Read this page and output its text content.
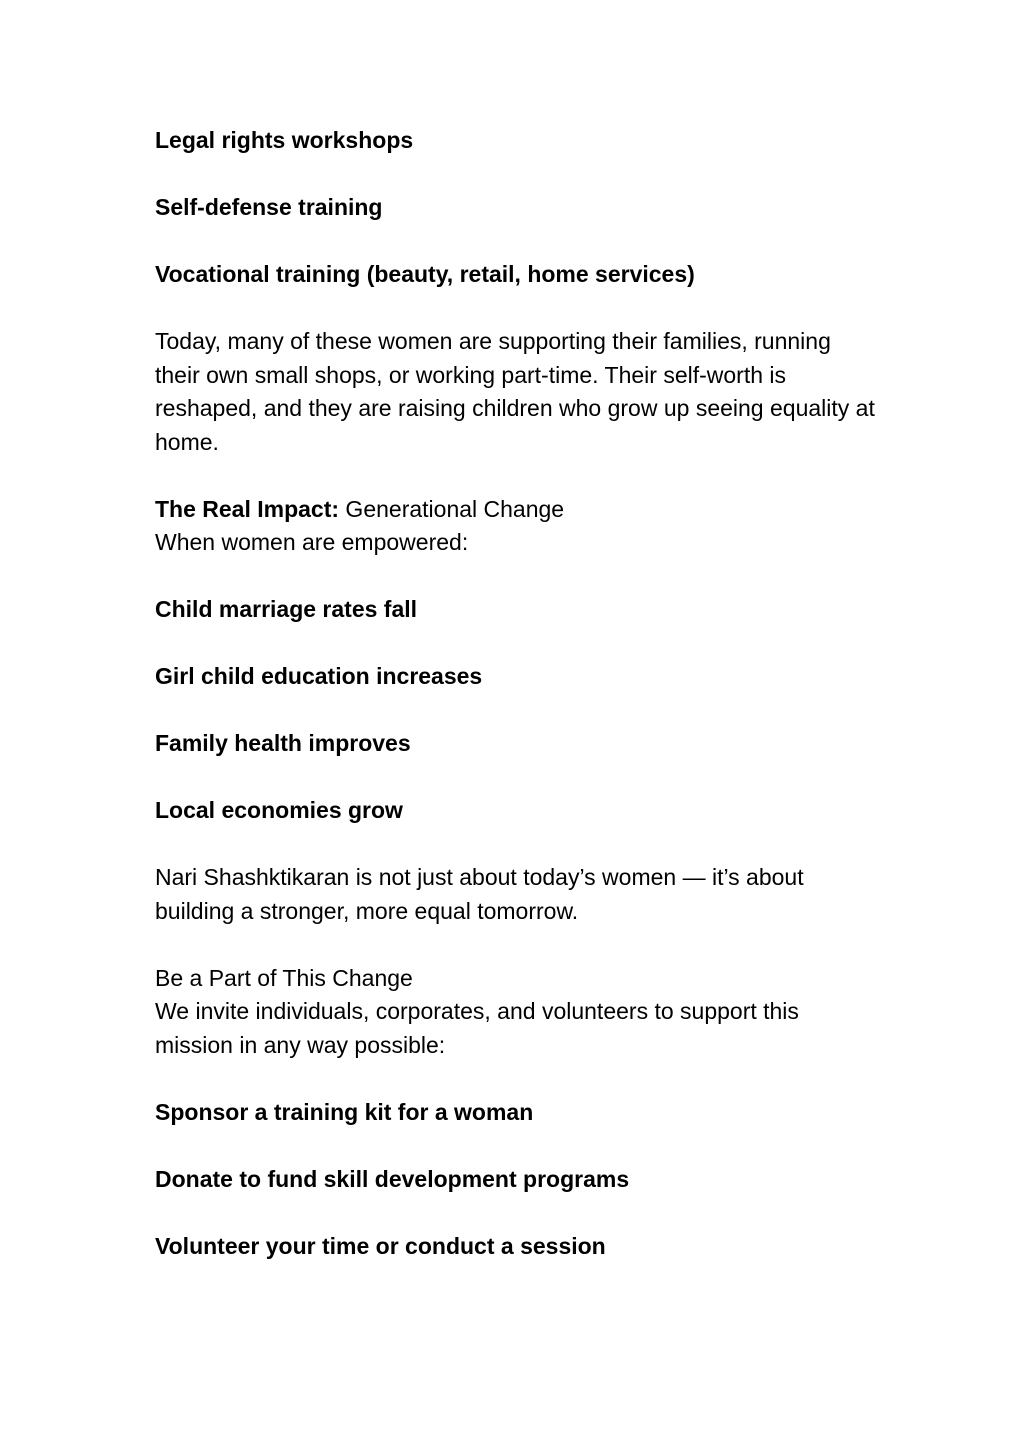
Legal rights workshops

Self-defense training

Vocational training (beauty, retail, home services)

Today, many of these women are supporting their families, running their own small shops, or working part-time. Their self-worth is reshaped, and they are raising children who grow up seeing equality at home.

The Real Impact: Generational Change
When women are empowered:

Child marriage rates fall

Girl child education increases

Family health improves

Local economies grow

Nari Shashktikaran is not just about today’s women — it’s about building a stronger, more equal tomorrow.

Be a Part of This Change
We invite individuals, corporates, and volunteers to support this mission in any way possible:

Sponsor a training kit for a woman

Donate to fund skill development programs

Volunteer your time or conduct a session
